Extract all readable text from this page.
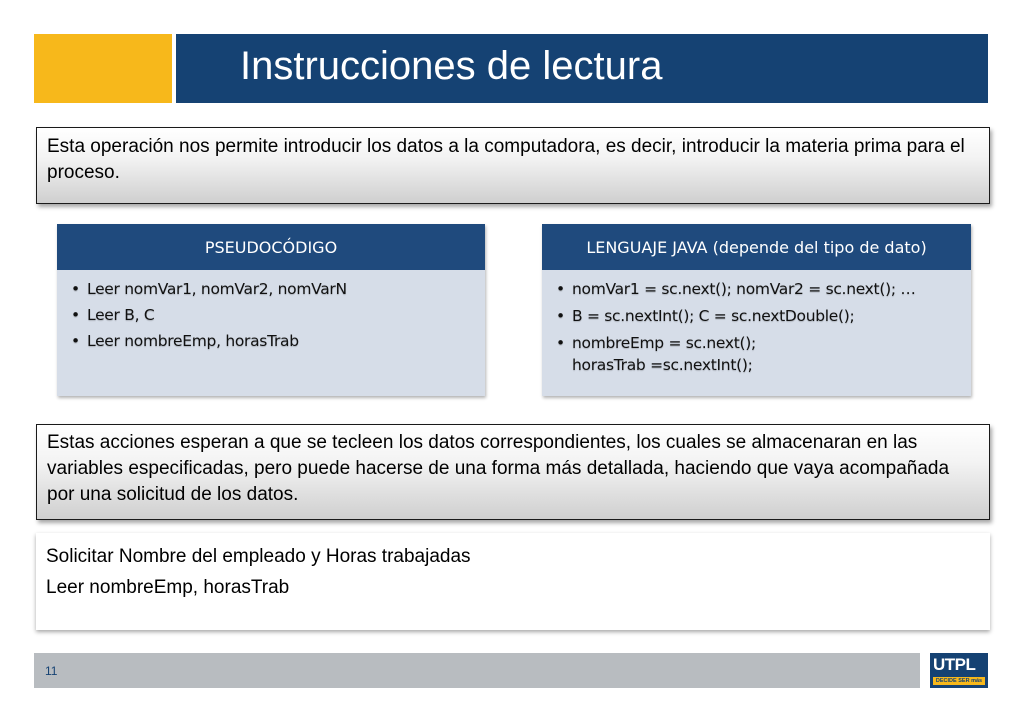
Instrucciones de lectura
Esta operación nos permite introducir los datos a la computadora, es decir, introducir la materia prima para el proceso.
PSEUDOCÓDIGO
• Leer nomVar1, nomVar2, nomVarN
• Leer B, C
• Leer nombreEmp, horasTrab
LENGUAJE JAVA (depende del tipo de dato)
• nomVar1 = sc.next(); nomVar2 = sc.next(); …
• B = sc.nextInt(); C = sc.nextDouble();
• nombreEmp = sc.next();
horasTrab =sc.nextInt();
Estas acciones esperan a que se tecleen los datos correspondientes, los cuales se almacenaran en las variables especificadas, pero puede hacerse de una forma más detallada, haciendo que vaya acompañada por una solicitud de los datos.
Solicitar Nombre del empleado y Horas trabajadas
Leer nombreEmp, horasTrab
11	UTPL
DECIDE SER más
